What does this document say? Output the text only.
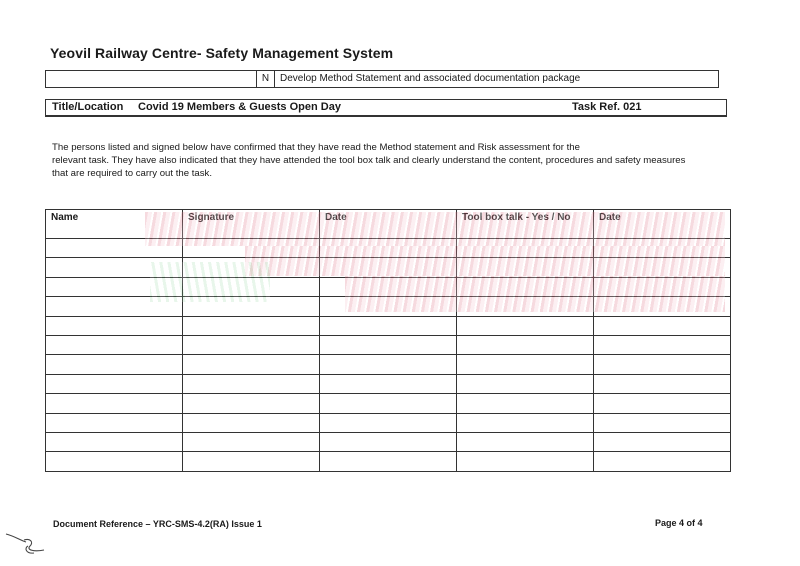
Yeovil Railway Centre- Safety Management System
N	Develop Method Statement and associated documentation package
Title/Location Covid 19 Members & Guests Open Day	Task Ref. 021

The persons listed and signed below have confirmed that they have read the Method statement and Risk assessment for the
relevant task. They have also indicated that they have attended the tool box talk and clearly understand the content, procedures and safety measures
that are required to carry out the task.

Name	Signature	Date	Tool box talk - Yes / No	Date

Document Reference – YRC-SMS-4.2(RA) Issue 1	Page 4 of 4
